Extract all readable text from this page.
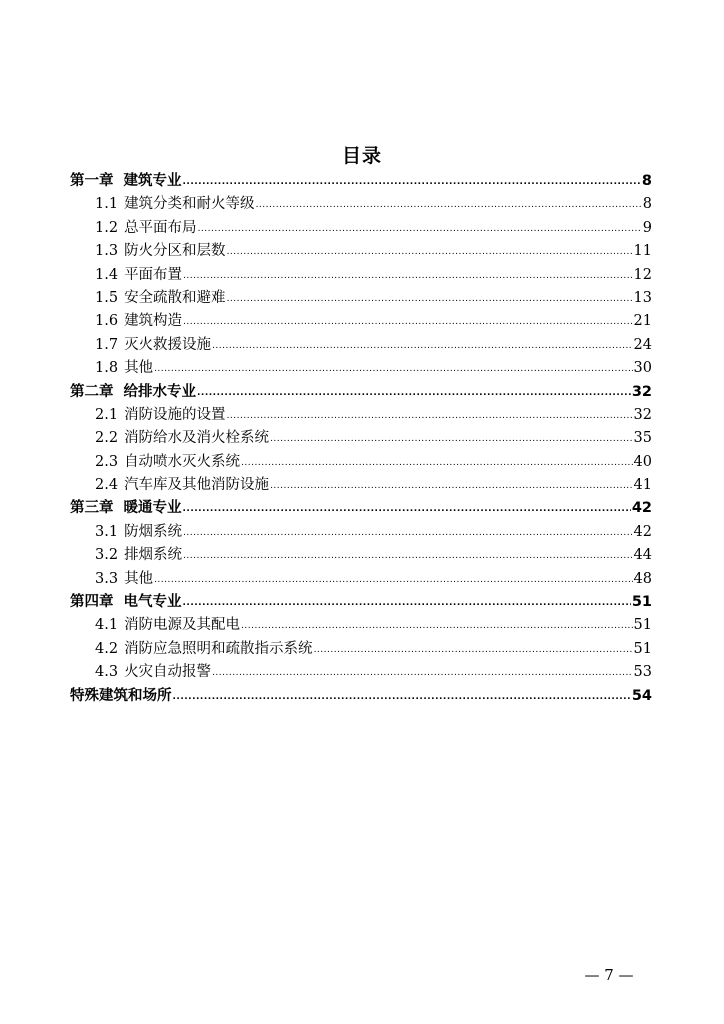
目录
第一章 建筑专业 .....	8
1.1 建筑分类和耐火等级 .....	8
1.2 总平面布局 .....	9
1.3 防火分区和层数 .....	11
1.4 平面布置 .....	12
1.5 安全疏散和避难 .....	13
1.6 建筑构造 .....	21
1.7 灭火救援设施 .....	24
1.8 其他 .....	30
第二章 给排水专业 .....	32
2.1 消防设施的设置 .....	32
2.2 消防给水及消火栓系统 .....	35
2.3 自动喷水灭火系统 .....	40
2.4 汽车库及其他消防设施 .....	41
第三章 暖通专业 .....	42
3.1 防烟系统 .....	42
3.2 排烟系统 .....	44
3.3 其他 .....	48
第四章 电气专业 .....	51
4.1 消防电源及其配电 .....	51
4.2 消防应急照明和疏散指示系统 .....	51
4.3 火灾自动报警 .....	53
特殊建筑和场所 .....	54
— 7 —
